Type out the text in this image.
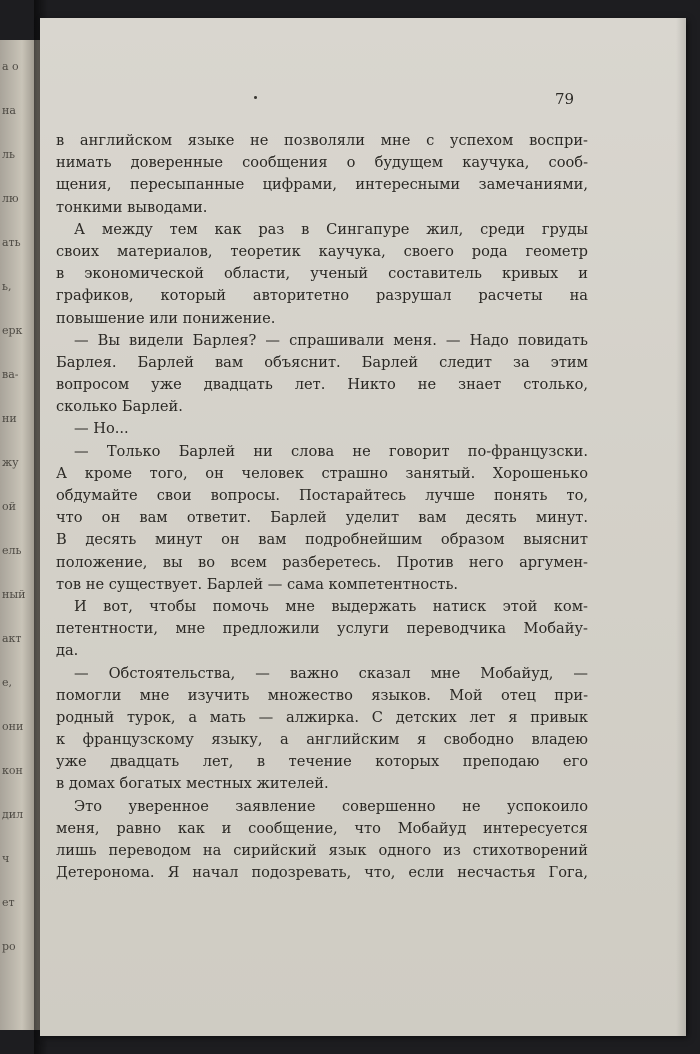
а о
на
ль
лю
ать
ь,
ерк
ва-
ни
жу
ой
ель
ный
акт
е,
они
кон
дил
ч
ет
ро
79
в английском языке не позволяли мне с успехом воспри-
нимать доверенные сообщения о будущем каучука, сооб-
щения, пересыпанные цифрами, интересными замечаниями,
тонкими выводами.
А между тем как раз в Сингапуре жил, среди груды
своих материалов, теоретик каучука, своего рода геометр
в экономической области, ученый составитель кривых и
графиков, который авторитетно разрушал расчеты на
повышение или понижение.
— Вы видели Барлея? — спрашивали меня. — Надо повидать
Барлея. Барлей вам объяснит. Барлей следит за этим
вопросом уже двадцать лет. Никто не знает столько,
сколько Барлей.
— Но...
— Только Барлей ни слова не говорит по-французски.
А кроме того, он человек страшно занятый. Хорошенько
обдумайте свои вопросы. Постарайтесь лучше понять то,
что он вам ответит. Барлей уделит вам десять минут.
В десять минут он вам подробнейшим образом выяснит
положение, вы во всем разберетесь. Против него аргумен-
тов не существует. Барлей — сама компетентность.
И вот, чтобы помочь мне выдержать натиск этой ком-
петентности, мне предложили услуги переводчика Мобайу-
да.
— Обстоятельства, — важно сказал мне Мобайуд, —
помогли мне изучить множество языков. Мой отец при-
родный турок, а мать — алжирка. С детских лет я привык
к французскому языку, а английским я свободно владею
уже двадцать лет, в течение которых преподаю его
в домах богатых местных жителей.
Это уверенное заявление совершенно не успокоило
меня, равно как и сообщение, что Мобайуд интересуется
лишь переводом на сирийский язык одного из стихотворений
Детеронома. Я начал подозревать, что, если несчастья Гога,
